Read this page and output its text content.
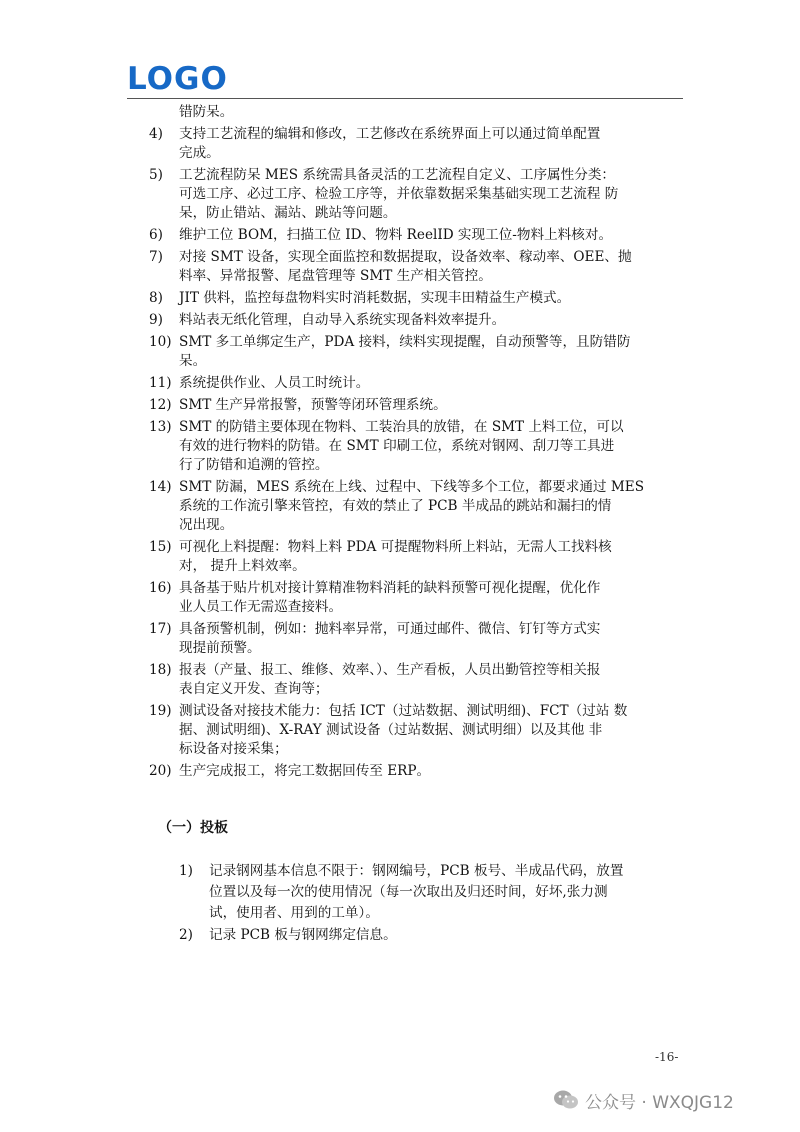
LOGO
错防呆。
4) 支持工艺流程的编辑和修改，工艺修改在系统界面上可以通过简单配置
完成。
5) 工艺流程防呆 MES 系统需具备灵活的工艺流程自定义、工序属性分类：
可选工序、必过工序、检验工序等，并依靠数据采集基础实现工艺流程 防
呆，防止错站、漏站、跳站等问题。
6) 维护工位 BOM，扫描工位 ID、物料 ReelID 实现工位-物料上料核对。
7) 对接 SMT 设备，实现全面监控和数据提取，设备效率、稼动率、OEE、抛
料率、异常报警、尾盘管理等 SMT 生产相关管控。
8) JIT 供料，监控每盘物料实时消耗数据，实现丰田精益生产模式。
9) 料站表无纸化管理，自动导入系统实现备料效率提升。
10) SMT 多工单绑定生产，PDA 接料，续料实现提醒，自动预警等，且防错防
呆。
11) 系统提供作业、人员工时统计。
12) SMT 生产异常报警，预警等闭环管理系统。
13) SMT 的防错主要体现在物料、工装治具的放错，在 SMT 上料工位，可以
有效的进行物料的防错。在 SMT 印刷工位，系统对钢网、刮刀等工具进
行了防错和追溯的管控。
14) SMT 防漏，MES 系统在上线、过程中、下线等多个工位，都要求通过 MES
系统的工作流引擎来管控，有效的禁止了 PCB 半成品的跳站和漏扫的情
况出现。
15) 可视化上料提醒：物料上料 PDA 可提醒物料所上料站，无需人工找料核
对， 提升上料效率。
16) 具备基于贴片机对接计算精准物料消耗的缺料预警可视化提醒，优化作
业人员工作无需巡查接料。
17) 具备预警机制，例如：抛料率异常，可通过邮件、微信、钉钉等方式实
现提前预警。
18) 报表（产量、报工、维修、效率、）、生产看板，人员出勤管控等相关报
表自定义开发、查询等；
19) 测试设备对接技术能力：包括 ICT（过站数据、测试明细)、FCT（过站 数
据、测试明细)、X-RAY 测试设备（过站数据、测试明细）以及其他 非
标设备对接采集；
20) 生产完成报工，将完工数据回传至 ERP。
（一）投板
1) 记录钢网基本信息不限于：钢网编号，PCB 板号、半成品代码，放置
位置以及每一次的使用情况（每一次取出及归还时间，好坏,张力测
试，使用者、用到的工单）。
2) 记录 PCB 板与钢网绑定信息。
-16-
公众号 · WXQJG12
